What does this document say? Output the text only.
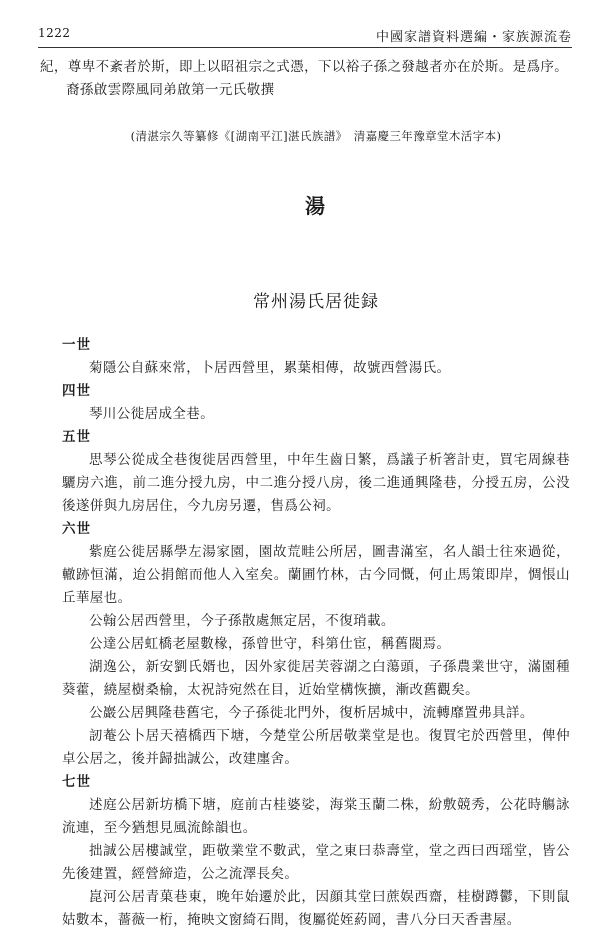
1222	中國家譜資料選編・家族源流卷

紀，尊卑不紊者於斯，即上以昭祖宗之式憑，下以裕子孫之發越者亦在於斯。是爲序。

裔孫啟雲際風同弟啟第一元氏敬撰

(清湛宗久等纂修《[湖南平江]湛氏族譜》　清嘉慶三年豫章堂木活字本)

湯
常州湯氏居徙録

一世

菊隱公自蘇來常，卜居西營里，累葉相傳，故號西營湯氏。

四世

琴川公徙居成全巷。

五世

思琴公從成全巷復徙居西營里，中年生齒日繁，爲議子析箸計吏，買宅周線巷驪房六進，前二進分授九房，中二進分授八房，後二進通興隆巷，分授五房，公没後遂併與九房居住，今九房另遷，售爲公祠。

六世

紫庭公徙居縣學左湯家園，園故荒畦公所居，圖書滿室，名人韻士往來過從，轍跡恒滿，迨公捐館而他人入室矣。蘭圃竹林，古今同慨，何止馬策即岸，惆悵山丘華屋也。

公翰公居西營里，今子孫散處無定居，不復琑載。

公達公居虹橋老屋數椽，孫曾世守，科第仕宦，稱舊閥焉。

湖逸公，新安劉氏婿也，因外家徙居芙蓉湖之白蕩頭，子孫農業世守，滿園種葵藿，繞屋樹桑榆，太祝詩宛然在目，近始堂構恢擴，漸改舊觀矣。

公巖公居興隆巷舊宅，今子孫徙北門外，復析居城中，流轉靡置弗具詳。

訒菴公卜居天禧橋西下塘，今楚堂公所居敬業堂是也。復買宅於西營里，俾仲卓公居之，後并歸拙誠公，改建廛舍。

七世

述庭公居新坊橋下塘，庭前古桂婆娑，海棠玉蘭二株，紛敷競秀，公花時觴詠流連，至今猶想見風流餘韻也。

拙誠公居樓誠堂，距敬業堂不數武，堂之東曰恭壽堂，堂之西曰西瑶堂，皆公先後建置，經營締造，公之流澤長矣。

崑河公居青菓巷東，晚年始遷於此，因顔其堂曰蔗娱西齋，桂樹蹲鬱，下則鼠姑數本，薔薇一桁，掩映文窗綺石間，復屬從姪葯岡，書八分曰天香書屋。
